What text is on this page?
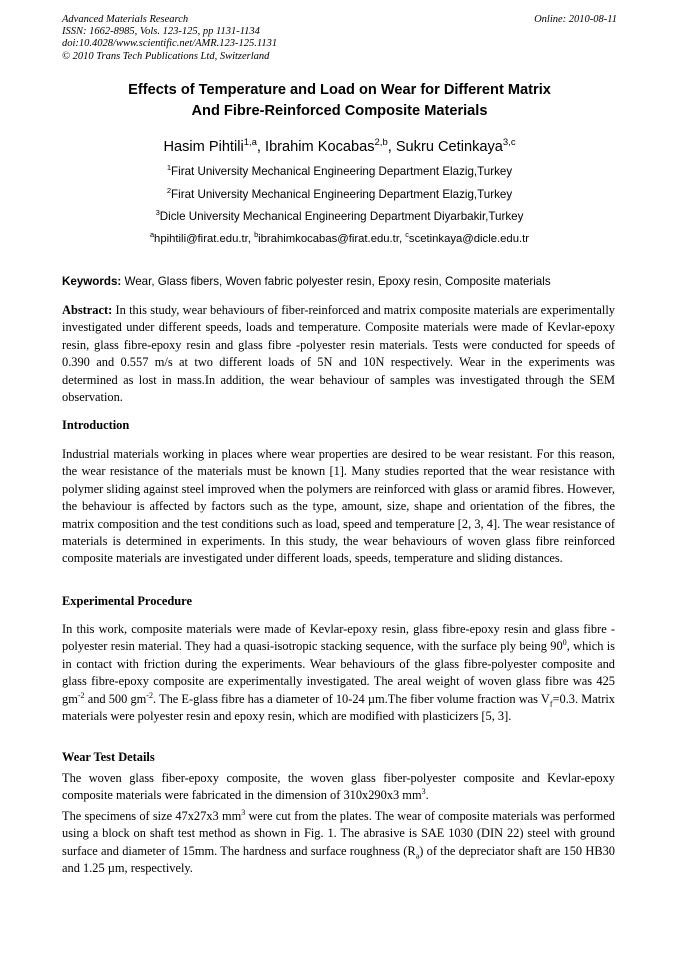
Advanced Materials Research
ISSN: 1662-8985, Vols. 123-125, pp 1131-1134
doi:10.4028/www.scientific.net/AMR.123-125.1131
© 2010 Trans Tech Publications Ltd, Switzerland
Online: 2010-08-11
Effects of Temperature and Load on Wear for Different Matrix
And Fibre-Reinforced Composite Materials
Hasim Pihtili$^{1,a}$, Ibrahim Kocabas$^{2,b}$, Sukru Cetinkaya$^{3,c}$
$^1$Firat University Mechanical Engineering Department Elazig,Turkey
$^2$Firat University Mechanical Engineering Department Elazig,Turkey
$^3$Dicle University Mechanical Engineering Department Diyarbakir,Turkey
$^a$hpihtili@firat.edu.tr, $^b$ibrahimkocabas@firat.edu.tr, $^c$scetinkaya@dicle.edu.tr
Keywords: Wear, Glass fibers, Woven fabric polyester resin, Epoxy resin, Composite materials
Abstract: In this study, wear behaviours of fiber-reinforced and matrix composite materials are experimentally investigated under different speeds, loads and temperature. Composite materials were made of Kevlar-epoxy resin, glass fibre-epoxy resin and glass fibre -polyester resin materials. Tests were conducted for speeds of 0.390 and 0.557 m/s at two different loads of 5N and 10N respectively. Wear in the experiments was determined as lost in mass.In addition, the wear behaviour of samples was investigated through the SEM observation.
Introduction
Industrial materials working in places where wear properties are desired to be wear resistant. For this reason, the wear resistance of the materials must be known [1]. Many studies reported that the wear resistance with polymer sliding against steel improved when the polymers are reinforced with glass or aramid fibres. However, the behaviour is affected by factors such as the type, amount, size, shape and orientation of the fibres, the matrix composition and the test conditions such as load, speed and temperature [2, 3, 4]. The wear resistance of materials is determined in experiments. In this study, the wear behaviours of woven glass fibre reinforced composite materials are investigated under different loads, speeds, temperature and sliding distances.
Experimental Procedure
In this work, composite materials were made of Kevlar-epoxy resin, glass fibre-epoxy resin and glass fibre -polyester resin material. They had a quasi-isotropic stacking sequence, with the surface ply being $90^0$, which is in contact with friction during the experiments. Wear behaviours of the glass fibre-polyester composite and glass fibre-epoxy composite are experimentally investigated. The areal weight of woven glass fibre was 425 $gm^{-2}$ and 500 $gm^{-2}$. The E-glass fibre has a diameter of 10-24 µm.The fiber volume fraction was $V_f=0.3$. Matrix materials were polyester resin and epoxy resin, which are modified with plasticizers [5, 3].
Wear Test Details
The woven glass fiber-epoxy composite, the woven glass fiber-polyester composite and Kevlar-epoxy composite materials were fabricated in the dimension of 310x290x3 $mm^3$.
The specimens of size 47x27x3 $mm^3$ were cut from the plates. The wear of composite materials was performed using a block on shaft test method as shown in Fig. 1. The abrasive is SAE 1030 (DIN 22) steel with ground surface and diameter of 15mm. The hardness and surface roughness $(R_a)$ of the depreciator shaft are 150 HB30 and 1.25 µm, respectively.
